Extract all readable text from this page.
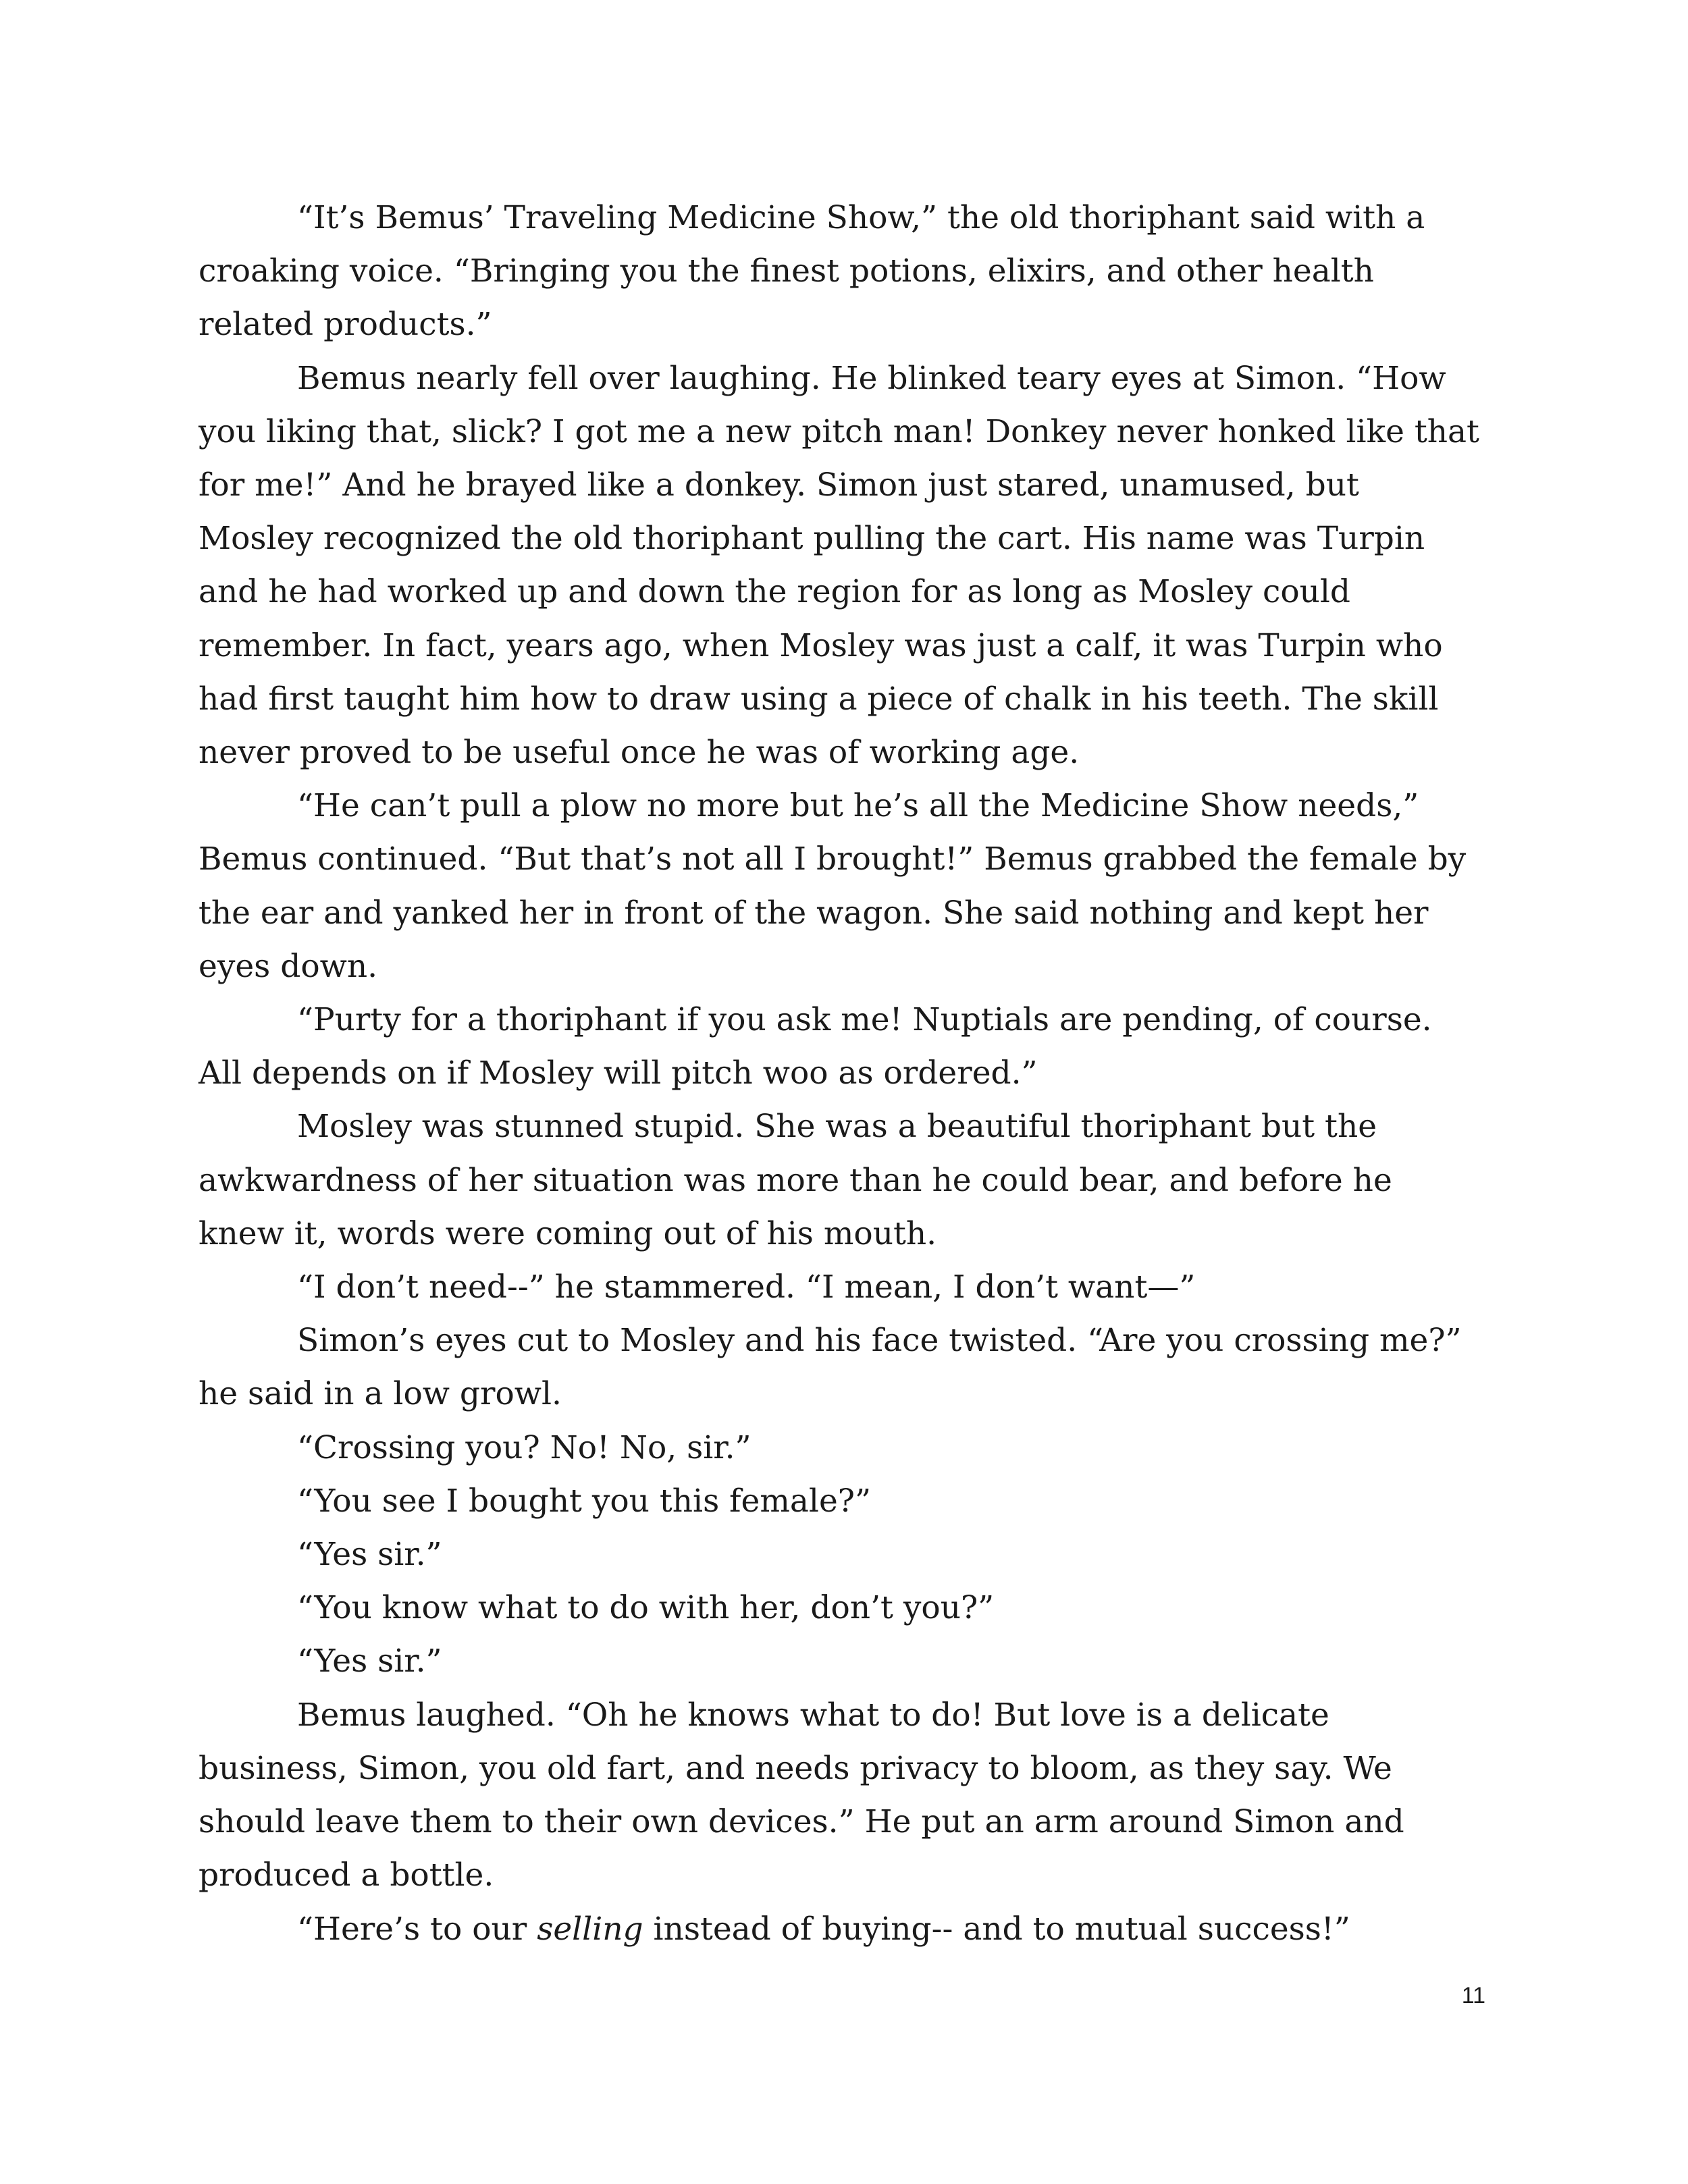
“It’s Bemus’ Traveling Medicine Show,” the old thoriphant said with a croaking voice. “Bringing you the finest potions, elixirs, and other health related products.”

Bemus nearly fell over laughing. He blinked teary eyes at Simon. “How you liking that, slick? I got me a new pitch man! Donkey never honked like that for me!” And he brayed like a donkey. Simon just stared, unamused, but Mosley recognized the old thoriphant pulling the cart. His name was Turpin and he had worked up and down the region for as long as Mosley could remember. In fact, years ago, when Mosley was just a calf, it was Turpin who had first taught him how to draw using a piece of chalk in his teeth. The skill never proved to be useful once he was of working age.

“He can’t pull a plow no more but he’s all the Medicine Show needs,” Bemus continued. “But that’s not all I brought!” Bemus grabbed the female by the ear and yanked her in front of the wagon. She said nothing and kept her eyes down.

“Purty for a thoriphant if you ask me! Nuptials are pending, of course. All depends on if Mosley will pitch woo as ordered.”

Mosley was stunned stupid. She was a beautiful thoriphant but the awkwardness of her situation was more than he could bear, and before he knew it, words were coming out of his mouth.

“I don’t need--” he stammered. “I mean, I don’t want—”

Simon’s eyes cut to Mosley and his face twisted. “Are you crossing me?” he said in a low growl.

“Crossing you? No! No, sir.”

“You see I bought you this female?”

“Yes sir.”

“You know what to do with her, don’t you?”

“Yes sir.”

Bemus laughed. “Oh he knows what to do! But love is a delicate business, Simon, you old fart, and needs privacy to bloom, as they say. We should leave them to their own devices.” He put an arm around Simon and produced a bottle.

“Here’s to our selling instead of buying-- and to mutual success!”

11
